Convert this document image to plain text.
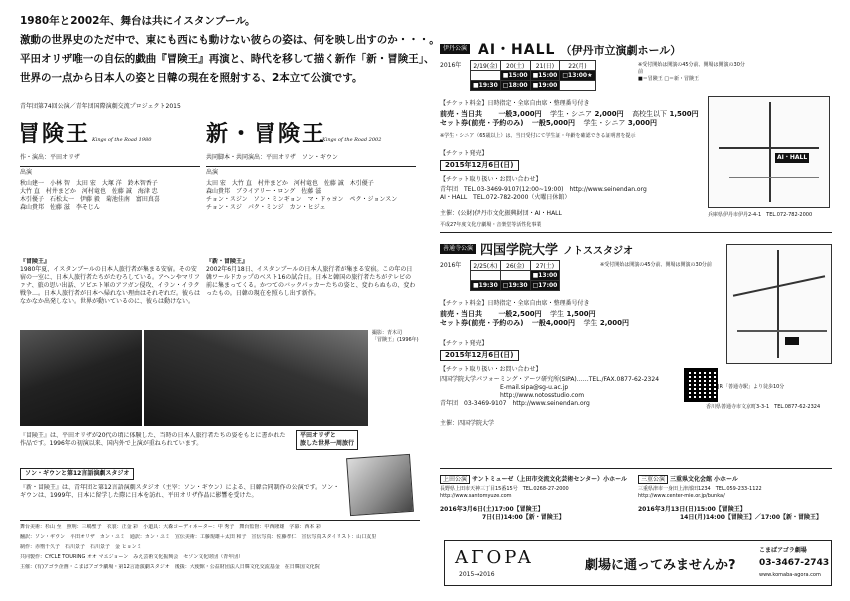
1980年と2002年、舞台は共にイスタンブール。
激動の世界史のただ中で、東にも西にも動けない彼らの姿は、何を映し出すのか・・・。
平田オリザ唯一の自伝的戯曲『冒険王』再演と、時代を移して描く新作「新・冒険王」、
世界の一点から日本人の姿と日韓の現在を照射する、2本立て公演です。
青年団第74回公演／青年団国際演劇交流プロジェクト2015
冒険王 Kings of the Road 1980
作・演出：平田オリザ
出演
秋山建一　小林 智　太田 宏　大塚 洋　鈴木智香子
大竹 直　村井まどか　河村竜也　佐藤 誠　海津 忠
木引優子　石松太一　伊藤 毅　菊池佳南　富田真喜
森山貴邦　佐藤 滋　李そじん
新・冒険王
Kings of the Road 2002
共同脚本・共同演出：平田オリザ　ソン・ギウン
出演
太田 宏　大竹 直　村井まどか　河村竜也　佐藤 誠　木引優子
森山貴邦　ブライアリー・ロング　佐藤 滋
チョン・スジン　ソン・ミンギョン　マ・ドゥヨン　ペク・ジョンスン
チョン・スジ　パク・ミンジ　カン・ヒジェ
『冒険王』
1980年夏、イスタンブールの日本人旅行者が集まる安宿。その安宿の一室に、日本人旅行者たちがたむろしている。アヘンやマリファナ、旅の思い出話、ソビエト軍のアフガン侵攻、イラン・イラク戦争…。日本人旅行者が日本へ帰れない理由はそれぞれだ。彼らはなかなか出発しない。世界が動いているのに、彼らは動けない。
『新・冒険王』
2002年6月18日、イスタンブールの日本人旅行者が集まる安宿。この年の日韓ワールドカップのベスト16の試合日。日本と韓国の旅行者たちがテレビの前に集まってくる。かつてのバックパッカーたちの姿と、変わらぬもの、変わったもの。日韓の現在を照らし出す新作。
撮影：青木司
「冒険王」(1996年)
『冒険王』は、平田オリザが20代の頃に体験した、当時の日本人旅行者たちの姿をもとに書かれた作品です。1996年の初演以来、国内外で上演が重ねられています。
ソン・ギウンと第12言語演劇スタジオ
『新・冒険王』は、青年団と第12言語演劇スタジオ（主宰：ソン・ギウン）による、日韓合同制作の公演です。ソン・ギウンは、1999年、日本に留学した際に日本を訪れ、平田オリザ作品に影響を受けた。
平田オリザと
旅した世界一周旅行
舞台美術：杉山 至　照明：三嶋聖子　衣裳：正金 彩　小道具：大森コーディネーター：中 秀子　舞台監督：中西隆雄　字幕：西本 彩
翻訳：ソン・ギウン　平田オリザ　カン・ユミ　通訳：カン・ユミ　宣伝美術：工藤規雄＋太田 和子　宣伝写真：佐藤孝仁　宣伝写真スタイリスト：山口友里
制作：赤刎千久子　石川景子　石川景子　金 ヒョンミ
共同製作：CYCLE TOURING オオ マエジョーン　みえ芸術文化振興会　セゾン文化財団（青年団）
主催：(有)アゴラ企画・こまばアゴラ劇場・第12言語演劇スタジオ　後援：大使館・公益財団法人日韓文化交流基金　在日韓国文化院
伊丹公演 AI・HALL （伊丹市立演劇ホール）
2016年 2/19(金)	20(土)	21(日)	22(月)
	■15:00	■15:00	□13:00★
■19:30	□18:00	■19:00	
※受付開始は開演の45分前、開場は開演の30分前
■＝冒険王 □＝新・冒険王
【チケット料金】日時指定・全席自由席・整理番号付き
前売・当日共 一般3,000円 学生・シニア 2,000円 高校生以下 1,500円
セット券(前売・予約のみ) 一般5,000円 学生・シニア 3,000円
※学生・シニア（65歳以上）は、当日受付にて学生証・年齢を確認できる証明書を提示
【チケット発売】
2015年12月6日(日)
【チケット取り扱い・お問い合わせ】
青年団　TEL.03-3469-9107(12:00~19:00)　http://www.seinendan.org
AI・HALL　TEL.072-782-2000（火曜日休館）
主催：(公財)伊丹市文化振興財団・AI・HALL
平成27年度文化庁劇場・音楽堂等活性化事業
AI・HALL
兵庫県伊丹市伊丹2-4-1　TEL.072-782-2000
善通寺公演 四国学院大学 ノトススタジオ
2016年 2/25(木)	26(金)	27(土)
		■13:00
■19:30	□19:30	□17:00
※受付開始は開演の45分前、開場は開演の30分前
【チケット料金】日時指定・全席自由席・整理番号付き
前売・当日共 一般2,500円 学生 1,500円
セット券(前売・予約のみ) 一般4,000円 学生 2,000円
【チケット発売】
2015年12月6日(日)
【チケット取り扱い・お問い合わせ】
四国学院大学パフォーミング・アーツ研究所(SIPA)……TEL./FAX.0877-62-2324
E-mail.sipa@sg-u.ac.jp
http://www.notosstudio.com
青年団　03-3469-9107　http://www.seinendan.org
主催：四国学院大学
JR「善通寺駅」より徒歩10分
香川県善通寺市文京町3-3-1　TEL.0877-62-2324
上田公演 サントミューゼ（上田市交流文化芸術センター）小ホール
長野県上田市天神三丁目15番15号　TEL.0268-27-2000
http://www.santomyuze.com
2016年3月6日(土)17:00【冒険王】
7日(日)14:00【新・冒険王】
三重公演 三重県文化会館 小ホール
三重県津市一身田上津部田1234　TEL.059-233-1122
http://www.center-mie.or.jp/bunka/
2016年3月13日(日)15:00【冒険王】
14日(月)14:00【冒険王】／17:00【新・冒険王】
AΓOPA
2015→2016
劇場に通ってみませんか?
こまばアゴラ劇場
03-3467-2743
www.komaba-agora.com
